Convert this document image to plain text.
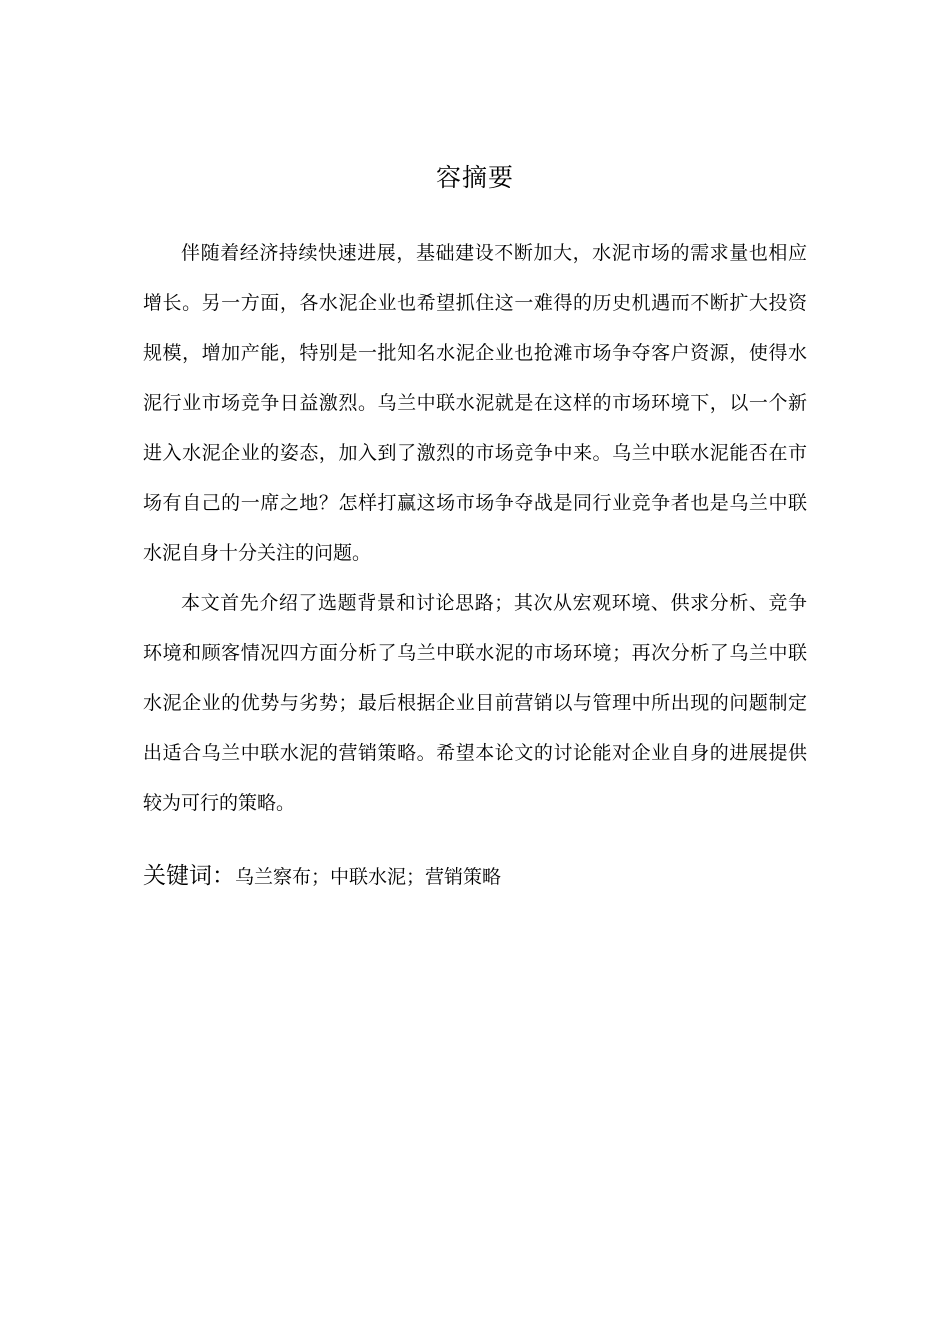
容摘要

伴随着经济持续快速进展，基础建设不断加大，水泥市场的需求量也相应增长。另一方面，各水泥企业也希望抓住这一难得的历史机遇而不断扩大投资规模，增加产能，特别是一批知名水泥企业也抢滩市场争夺客户资源，使得水泥行业市场竞争日益激烈。乌兰中联水泥就是在这样的市场环境下，以一个新进入水泥企业的姿态，加入到了激烈的市场竞争中来。乌兰中联水泥能否在市场有自己的一席之地？怎样打赢这场市场争夺战是同行业竞争者也是乌兰中联水泥自身十分关注的问题。

本文首先介绍了选题背景和讨论思路；其次从宏观环境、供求分析、竞争环境和顾客情况四方面分析了乌兰中联水泥的市场环境；再次分析了乌兰中联水泥企业的优势与劣势；最后根据企业目前营销以与管理中所出现的问题制定出适合乌兰中联水泥的营销策略。希望本论文的讨论能对企业自身的进展提供较为可行的策略。

关键词：乌兰察布；中联水泥；营销策略
